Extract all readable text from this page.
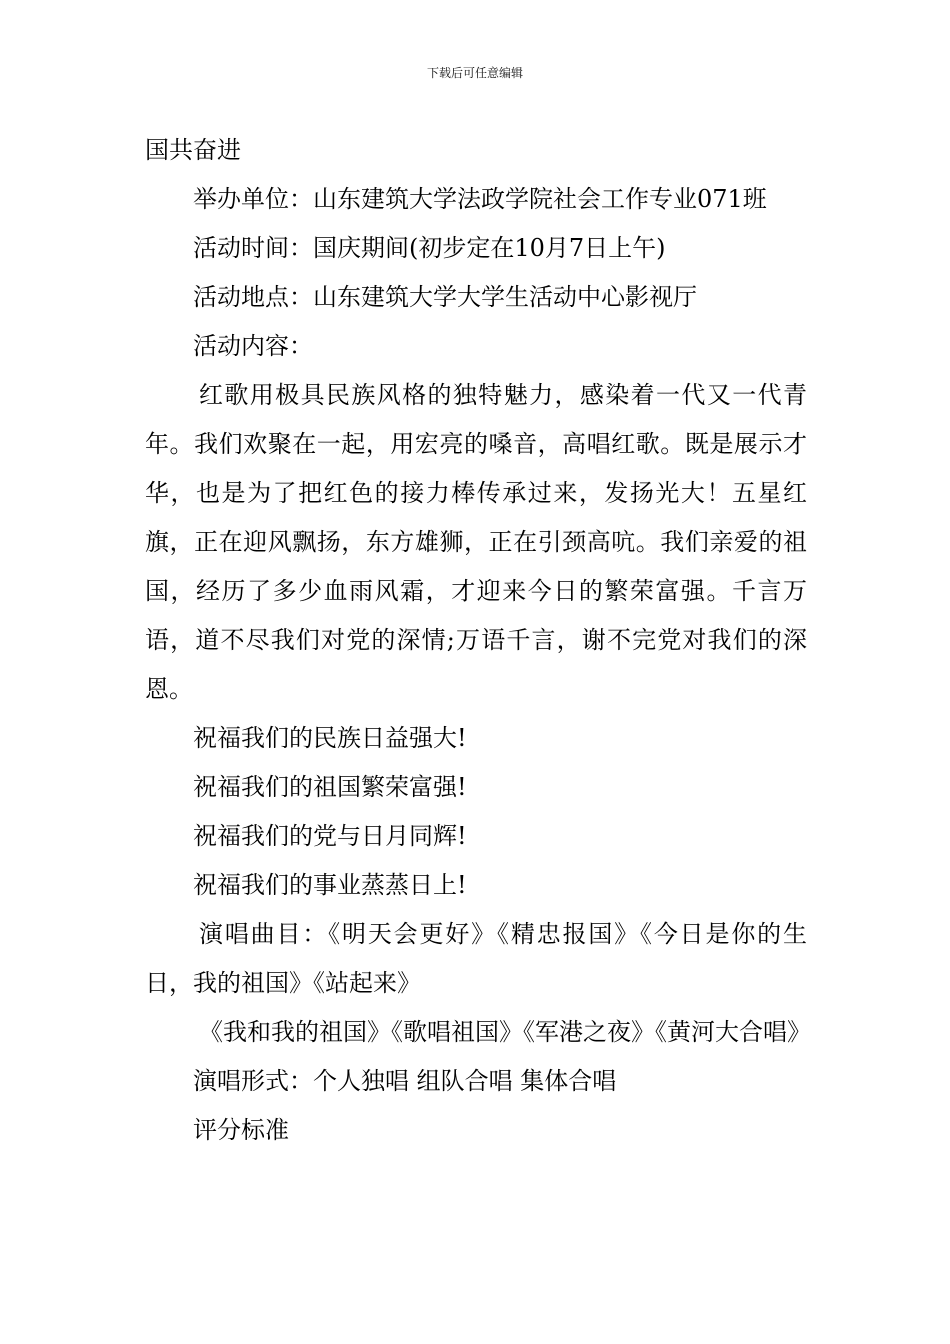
下载后可任意编辑

国共奋进

举办单位：山东建筑大学法政学院社会工作专业071班

活动时间：国庆期间(初步定在10月7日上午)

活动地点：山东建筑大学大学生活动中心影视厅

活动内容：

红歌用极具民族风格的独特魅力，感染着一代又一代青年。我们欢聚在一起，用宏亮的嗓音，高唱红歌。既是展示才华，也是为了把红色的接力棒传承过来，发扬光大！五星红旗，正在迎风飘扬，东方雄狮，正在引颈高吭。我们亲爱的祖国，经历了多少血雨风霜，才迎来今日的繁荣富强。千言万语，道不尽我们对党的深情;万语千言，谢不完党对我们的深恩。

祝福我们的民族日益强大!

祝福我们的祖国繁荣富强!

祝福我们的党与日月同辉!

祝福我们的事业蒸蒸日上!

演唱曲目：《明天会更好》《精忠报国》《今日是你的生日，我的祖国》《站起来》

《我和我的祖国》《歌唱祖国》《军港之夜》《黄河大合唱》

演唱形式：个人独唱 组队合唱 集体合唱

评分标准
